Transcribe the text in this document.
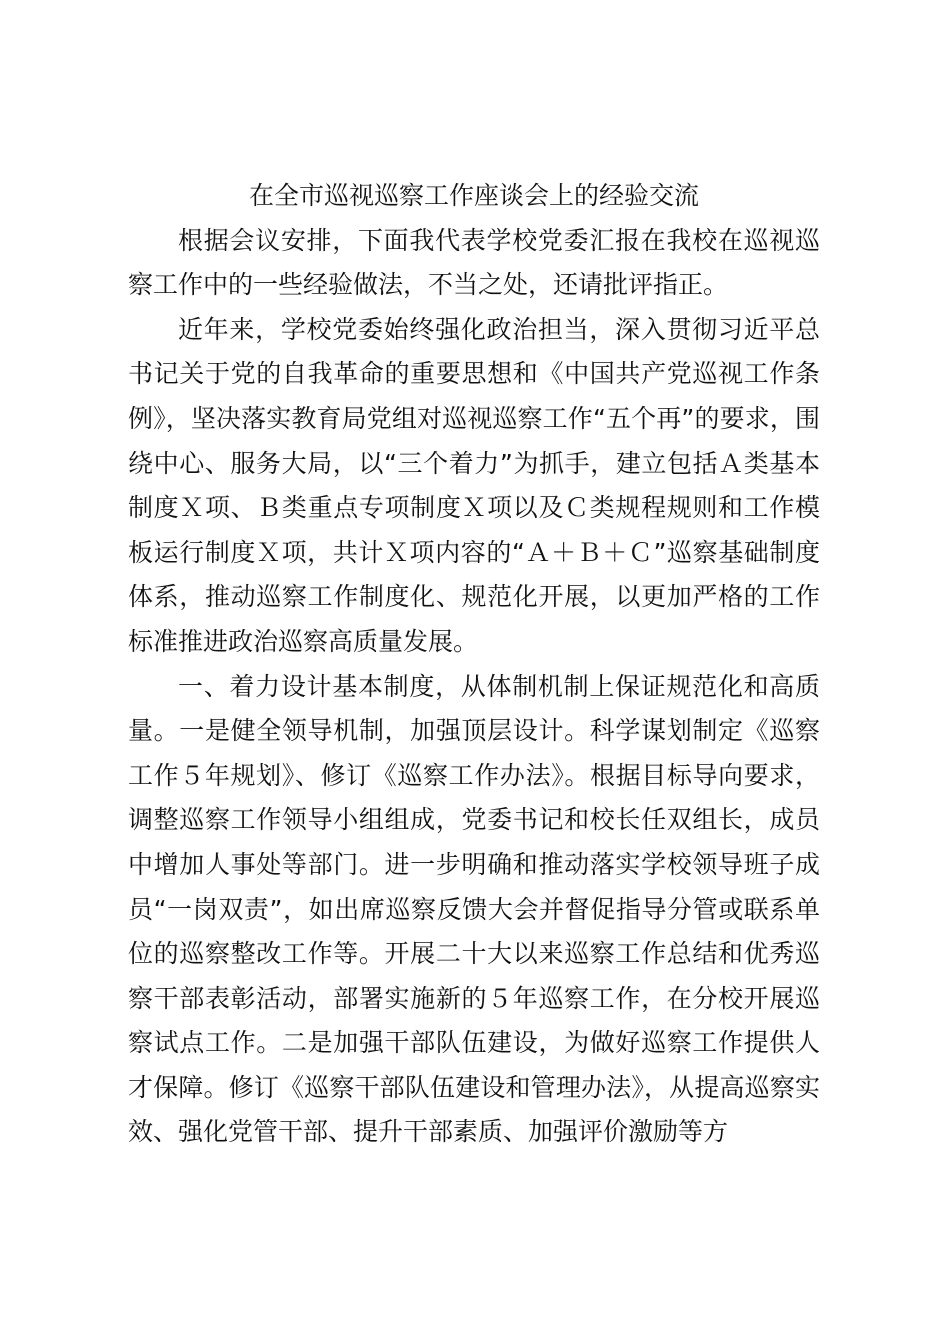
在全市巡视巡察工作座谈会上的经验交流

根据会议安排，下面我代表学校党委汇报在我校在巡视巡察工作中的一些经验做法，不当之处，还请批评指正。

近年来，学校党委始终强化政治担当，深入贯彻习近平总书记关于党的自我革命的重要思想和《中国共产党巡视工作条例》，坚决落实教育局党组对巡视巡察工作“五个再”的要求，围绕中心、服务大局，以“三个着力”为抓手，建立包括Ａ类基本制度Ｘ项、Ｂ类重点专项制度Ｘ项以及Ｃ类规程规则和工作模板运行制度Ｘ项，共计Ｘ项内容的“Ａ＋Ｂ＋Ｃ”巡察基础制度体系，推动巡察工作制度化、规范化开展，以更加严格的工作标准推进政治巡察高质量发展。

一、着力设计基本制度，从体制机制上保证规范化和高质量。一是健全领导机制，加强顶层设计。科学谋划制定《巡察工作５年规划》、修订《巡察工作办法》。根据目标导向要求，调整巡察工作领导小组组成，党委书记和校长任双组长，成员中增加人事处等部门。进一步明确和推动落实学校领导班子成员“一岗双责”，如出席巡察反馈大会并督促指导分管或联系单位的巡察整改工作等。开展二十大以来巡察工作总结和优秀巡察干部表彰活动，部署实施新的５年巡察工作，在分校开展巡察试点工作。二是加强干部队伍建设，为做好巡察工作提供人才保障。修订《巡察干部队伍建设和管理办法》，从提高巡察实效、强化党管干部、提升干部素质、加强评价激励等方
